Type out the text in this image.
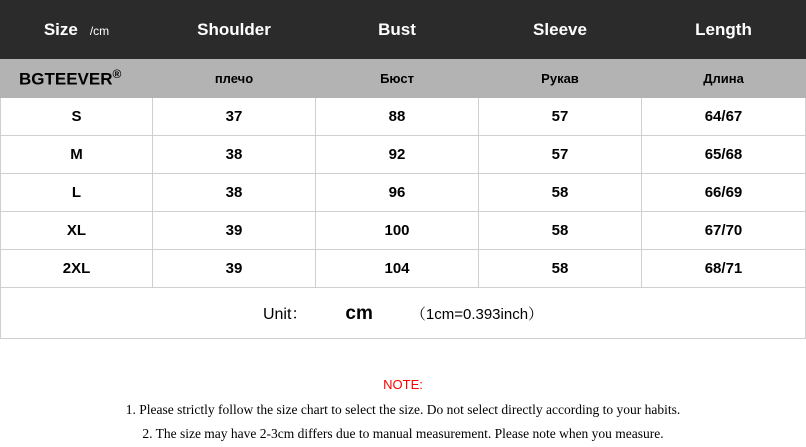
Size /cm	Shoulder	Bust	Sleeve	Length
BGTEEVER®	плечо	Бюст	Рукав	Длина
S	37	88	57	64/67
M	38	92	57	65/68
L	38	96	58	66/69
XL	39	100	58	67/70
2XL	39	104	58	68/71

Unit： cm （1cm=0.393inch）				
NOTE:

1. Please strictly follow the size chart to select the size. Do not select directly according to your habits.

2. The size may have 2-3cm differs due to manual measurement. Please note when you measure.
